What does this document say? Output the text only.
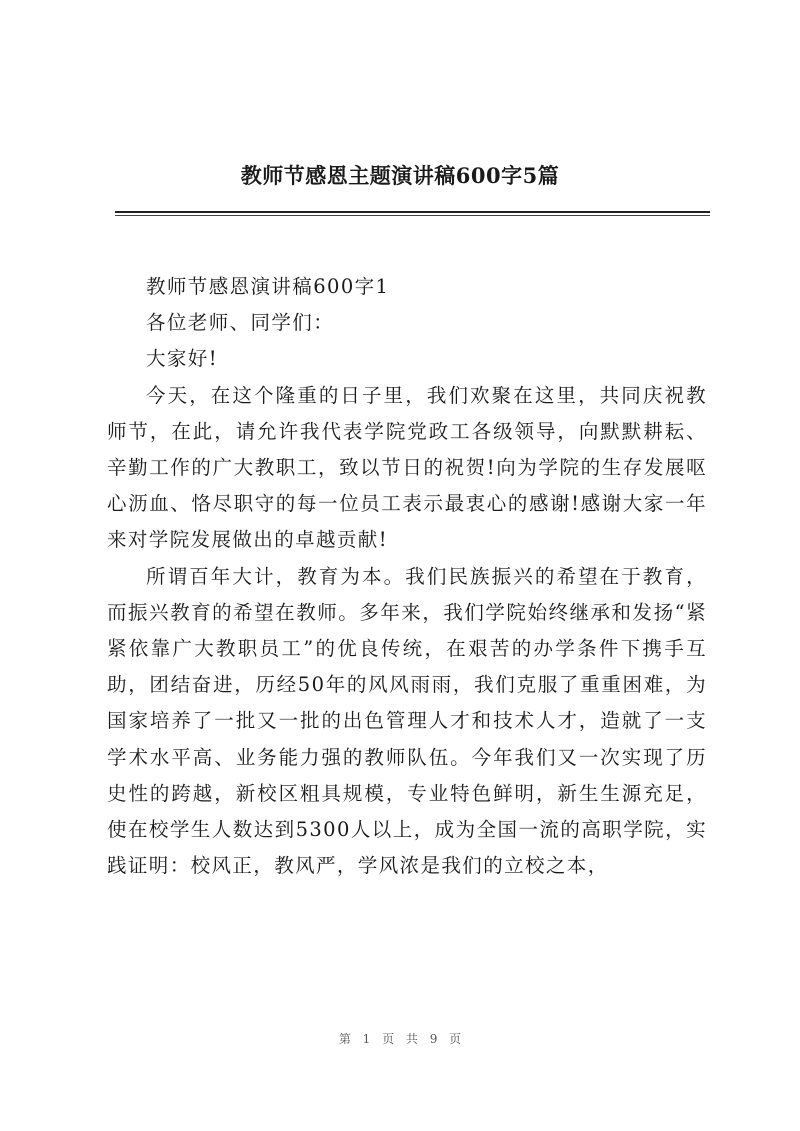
教师节感恩主题演讲稿600字5篇

教师节感恩演讲稿600字1

各位老师、同学们：

大家好!

今天，在这个隆重的日子里，我们欢聚在这里，共同庆祝教师节，在此，请允许我代表学院党政工各级领导，向默默耕耘、辛勤工作的广大教职工，致以节日的祝贺!向为学院的生存发展呕心沥血、恪尽职守的每一位员工表示最衷心的感谢!感谢大家一年来对学院发展做出的卓越贡献!

所谓百年大计，教育为本。我们民族振兴的希望在于教育，而振兴教育的希望在教师。多年来，我们学院始终继承和发扬“紧紧依靠广大教职员工”的优良传统，在艰苦的办学条件下携手互助，团结奋进，历经50年的风风雨雨，我们克服了重重困难，为国家培养了一批又一批的出色管理人才和技术人才，造就了一支学术水平高、业务能力强的教师队伍。今年我们又一次实现了历史性的跨越，新校区粗具规模，专业特色鲜明，新生生源充足，使在校学生人数达到5300人以上，成为全国一流的高职学院，实践证明：校风正，教风严，学风浓是我们的立校之本，

第 1 页 共 9 页
